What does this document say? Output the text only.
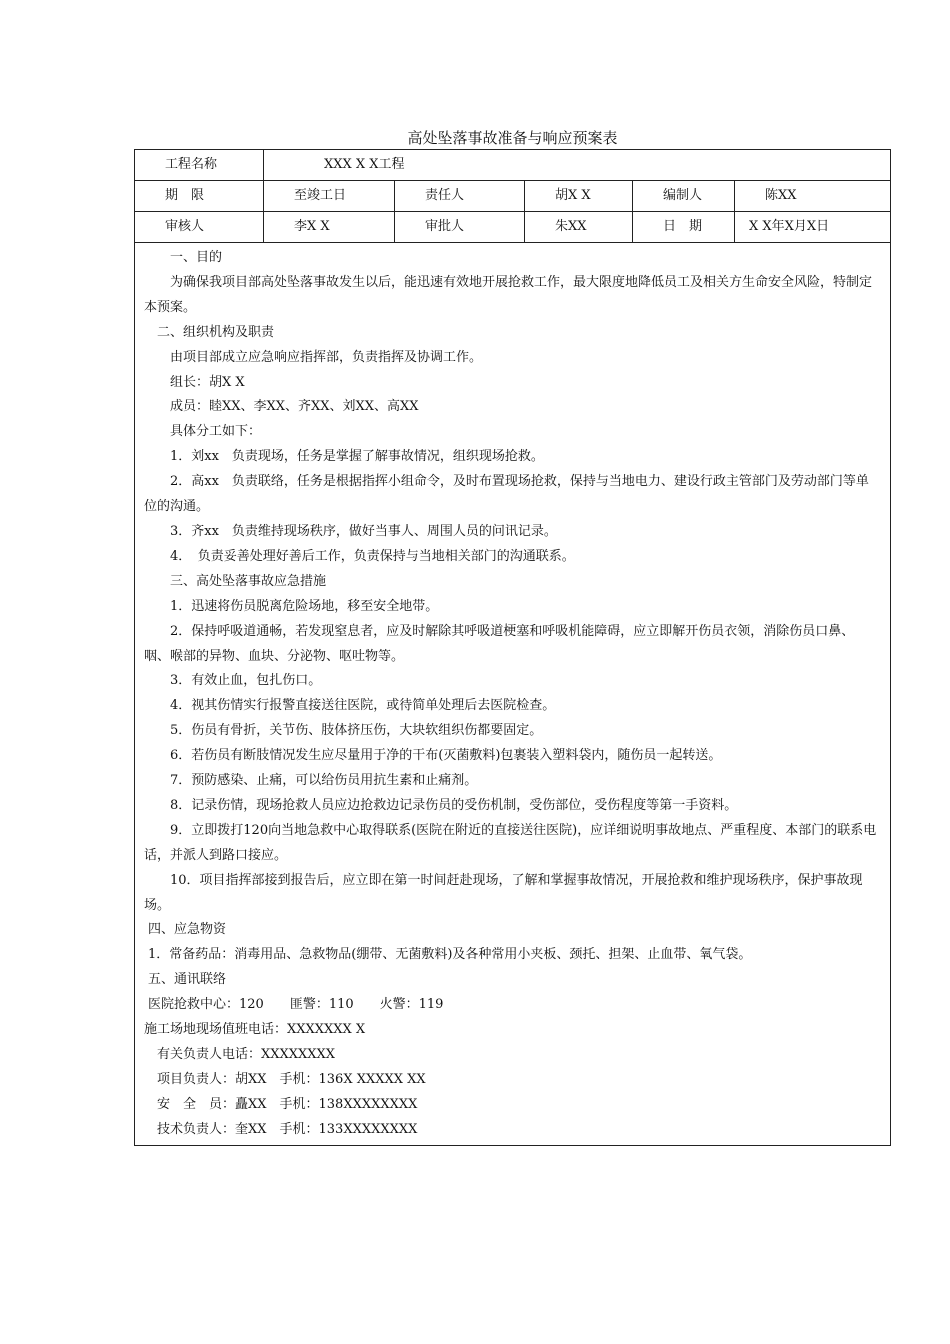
高处坠落事故准备与响应预案表
工程名称	XXX X X工程
期　限	至竣工日	责任人	胡X X	编制人	陈XX
审核人	李X X	审批人	朱XX	日　期	X X年X月X日

一、目的

为确保我项目部高处坠落事故发生以后，能迅速有效地开展抢救工作，最大限度地降低员工及相关方生命安全风险，特制定本预案。

二、组织机构及职责

由项目部成立应急响应指挥部，负责指挥及协调工作。

组长：胡X X

成员：睦XX、李XX、齐XX、刘XX、高XX

具体分工如下：

1．刘xx　负责现场，任务是掌握了解事故情况，组织现场抢救。

2．高xx　负责联络，任务是根据指挥小组命令，及时布置现场抢救，保持与当地电力、建设行政主管部门及劳动部门等单位的沟通。

3．齐xx　负责维持现场秩序，做好当事人、周围人员的问讯记录。

4．　负责妥善处理好善后工作，负责保持与当地相关部门的沟通联系。

三、高处坠落事故应急措施

1．迅速将伤员脱离危险场地，移至安全地带。

2．保持呼吸道通畅，若发现窒息者，应及时解除其呼吸道梗塞和呼吸机能障碍，应立即解开伤员衣领，消除伤员口鼻、咽、喉部的异物、血块、分泌物、呕吐物等。

3．有效止血，包扎伤口。

4．视其伤情实行报警直接送往医院，或待简单处理后去医院检查。

5．伤员有骨折，关节伤、肢体挤压伤，大块软组织伤都要固定。

6．若伤员有断肢情况发生应尽量用于净的干布(灭菌敷料)包裹装入塑料袋内，随伤员一起转送。

7．预防感染、止痛，可以给伤员用抗生素和止痛剂。

8．记录伤情，现场抢救人员应边抢救边记录伤员的受伤机制，受伤部位，受伤程度等第一手资料。

9．立即拨打120向当地急救中心取得联系(医院在附近的直接送往医院)，应详细说明事故地点、严重程度、本部门的联系电话，并派人到路口接应。

10．项目指挥部接到报告后，应立即在第一时间赶赴现场，了解和掌握事故情况，开展抢救和维护现场秩序，保护事故现场。

四、应急物资

1．常备药品：消毒用品、急救物品(绷带、无菌敷料)及各种常用小夹板、颈托、担架、止血带、氧气袋。

五、通讯联络

医院抢救中心：120　　匪警：110　　火警：119

施工场地现场值班电话：XXXXXXX X

有关负责人电话：XXXXXXXX

项目负责人：胡XX　手机：136X XXXXX XX

安　全　员：矗XX　手机：138XXXXXXXX

技术负责人：奎XX　手机：133XXXXXXXX
